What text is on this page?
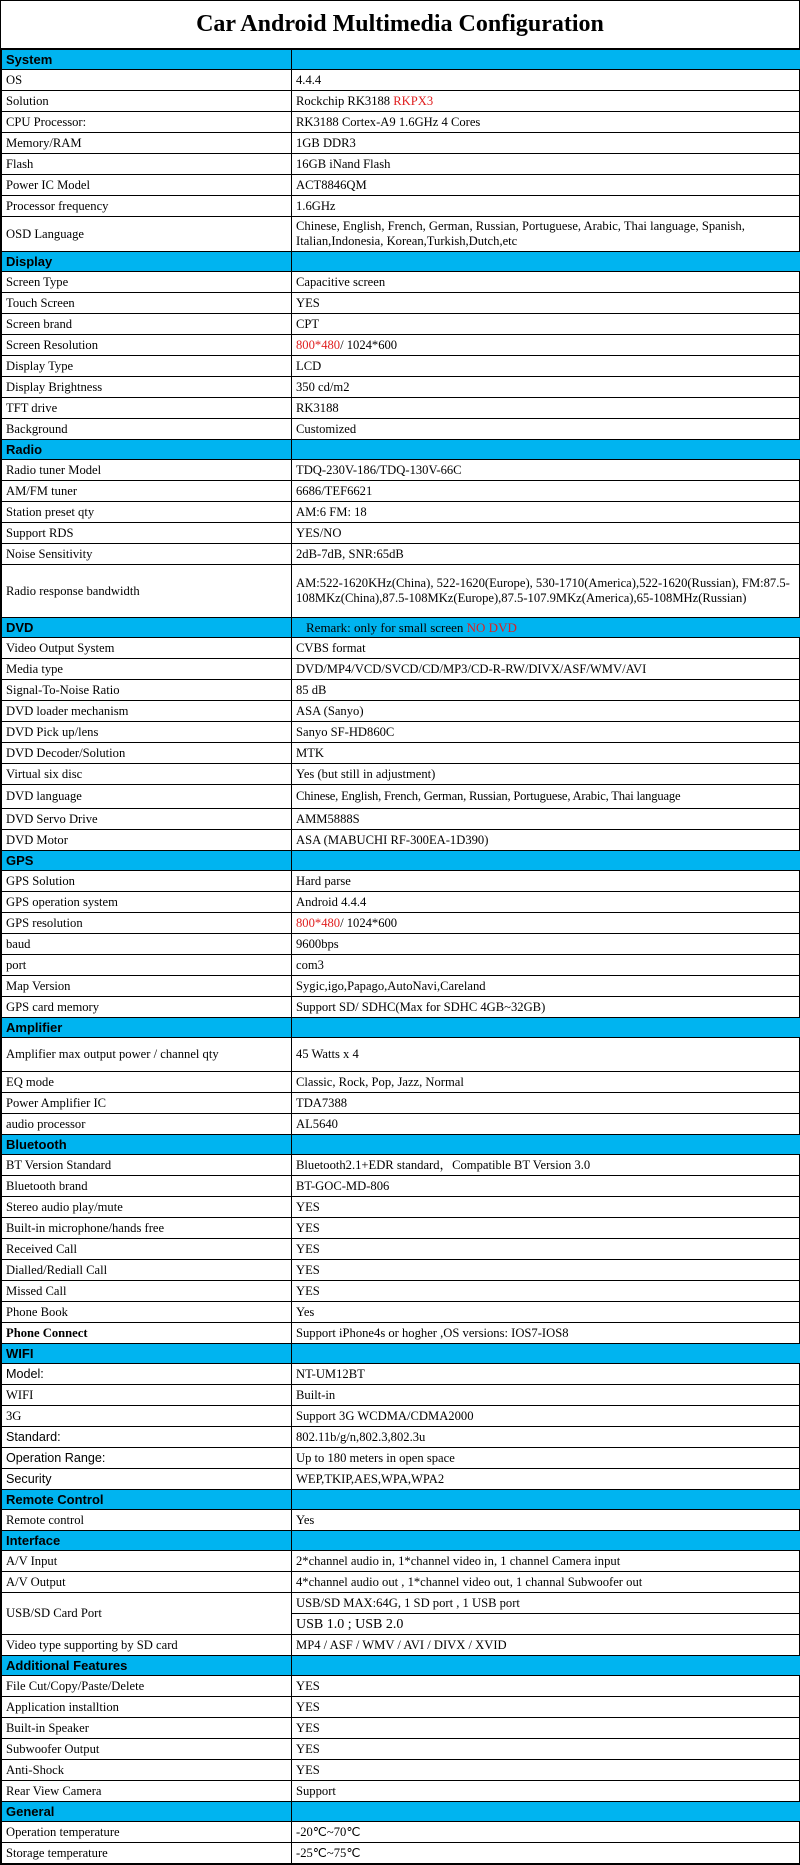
Car Android Multimedia Configuration
System	
OS	4.4.4
Solution	Rockchip RK3188 RKPX3
CPU Processor:	RK3188 Cortex-A9 1.6GHz 4 Cores
Memory/RAM	1GB DDR3
Flash	16GB iNand Flash
Power IC Model	ACT8846QM
Processor frequency	1.6GHz
OSD Language	Chinese, English, French, German, Russian, Portuguese, Arabic, Thai language, Spanish, Italian,Indonesia, Korean,Turkish,Dutch,etc
Display	
Screen Type	Capacitive screen
Touch Screen	YES
Screen brand	CPT
Screen Resolution	800*480/ 1024*600
Display Type	LCD
Display Brightness	350 cd/m2
TFT drive	RK3188
Background	Customized
Radio	
Radio tuner Model	TDQ-230V-186/TDQ-130V-66C
AM/FM tuner	6686/TEF6621
Station preset qty	AM:6 FM: 18
Support RDS	YES/NO
Noise Sensitivity	2dB-7dB, SNR:65dB
Radio response bandwidth	AM:522-1620KHz(China), 522-1620(Europe), 530-1710(America),522-1620(Russian), FM:87.5-108MKz(China),87.5-108MKz(Europe),87.5-107.9MKz(America),65-108MHz(Russian)
DVD	Remark: only for small screen NO DVD
Video Output System	CVBS format
Media type	DVD/MP4/VCD/SVCD/CD/MP3/CD-R-RW/DIVX/ASF/WMV/AVI
Signal-To-Noise Ratio	85 dB
DVD loader mechanism	ASA (Sanyo)
DVD Pick up/lens	Sanyo SF-HD860C
DVD Decoder/Solution	MTK
Virtual six disc	Yes (but still in adjustment)
DVD language	Chinese, English, French, German, Russian, Portuguese, Arabic, Thai language
DVD Servo Drive	AMM5888S
DVD Motor	ASA (MABUCHI RF-300EA-1D390)
GPS	
GPS Solution	Hard parse
GPS operation system	Android 4.4.4
GPS resolution	800*480/ 1024*600
baud	9600bps
port	com3
Map Version	Sygic,igo,Papago,AutoNavi,Careland
GPS card memory	Support SD/ SDHC(Max for SDHC 4GB~32GB)
Amplifier	
Amplifier max output power / channel qty	45 Watts x 4
EQ mode	Classic, Rock, Pop, Jazz, Normal
Power Amplifier IC	TDA7388
audio processor	AL5640
Bluetooth	
BT Version Standard	Bluetooth2.1+EDR standard，Compatible BT Version 3.0
Bluetooth brand	BT-GOC-MD-806
Stereo audio play/mute	YES
Built-in microphone/hands free	YES
Received Call	YES
Dialled/Rediall Call	YES
Missed Call	YES
Phone Book	Yes
Phone Connect	Support iPhone4s or hogher ,OS versions: IOS7-IOS8
WIFI	
Model:	NT-UM12BT
WIFI	Built-in
3G	Support 3G WCDMA/CDMA2000
Standard:	802.11b/g/n,802.3,802.3u
Operation Range:	Up to 180 meters in open space
Security	WEP,TKIP,AES,WPA,WPA2
Remote Control	
Remote control	Yes
Interface	
A/V Input	2*channel audio in, 1*channel video in, 1 channel Camera input
A/V Output	4*channel audio out , 1*channel video out, 1 channal Subwoofer out
USB/SD Card Port	USB/SD MAX:64G, 1 SD port , 1 USB port
	USB 1.0 ; USB 2.0
Video type supporting by SD card	MP4 / ASF / WMV / AVI / DIVX / XVID
Additional Features	
File Cut/Copy/Paste/Delete	YES
Application installtion	YES
Built-in Speaker	YES
Subwoofer Output	YES
Anti-Shock	YES
Rear View Camera	Support
General	
Operation temperature	-20℃~70℃
Storage temperature	-25℃~75℃
